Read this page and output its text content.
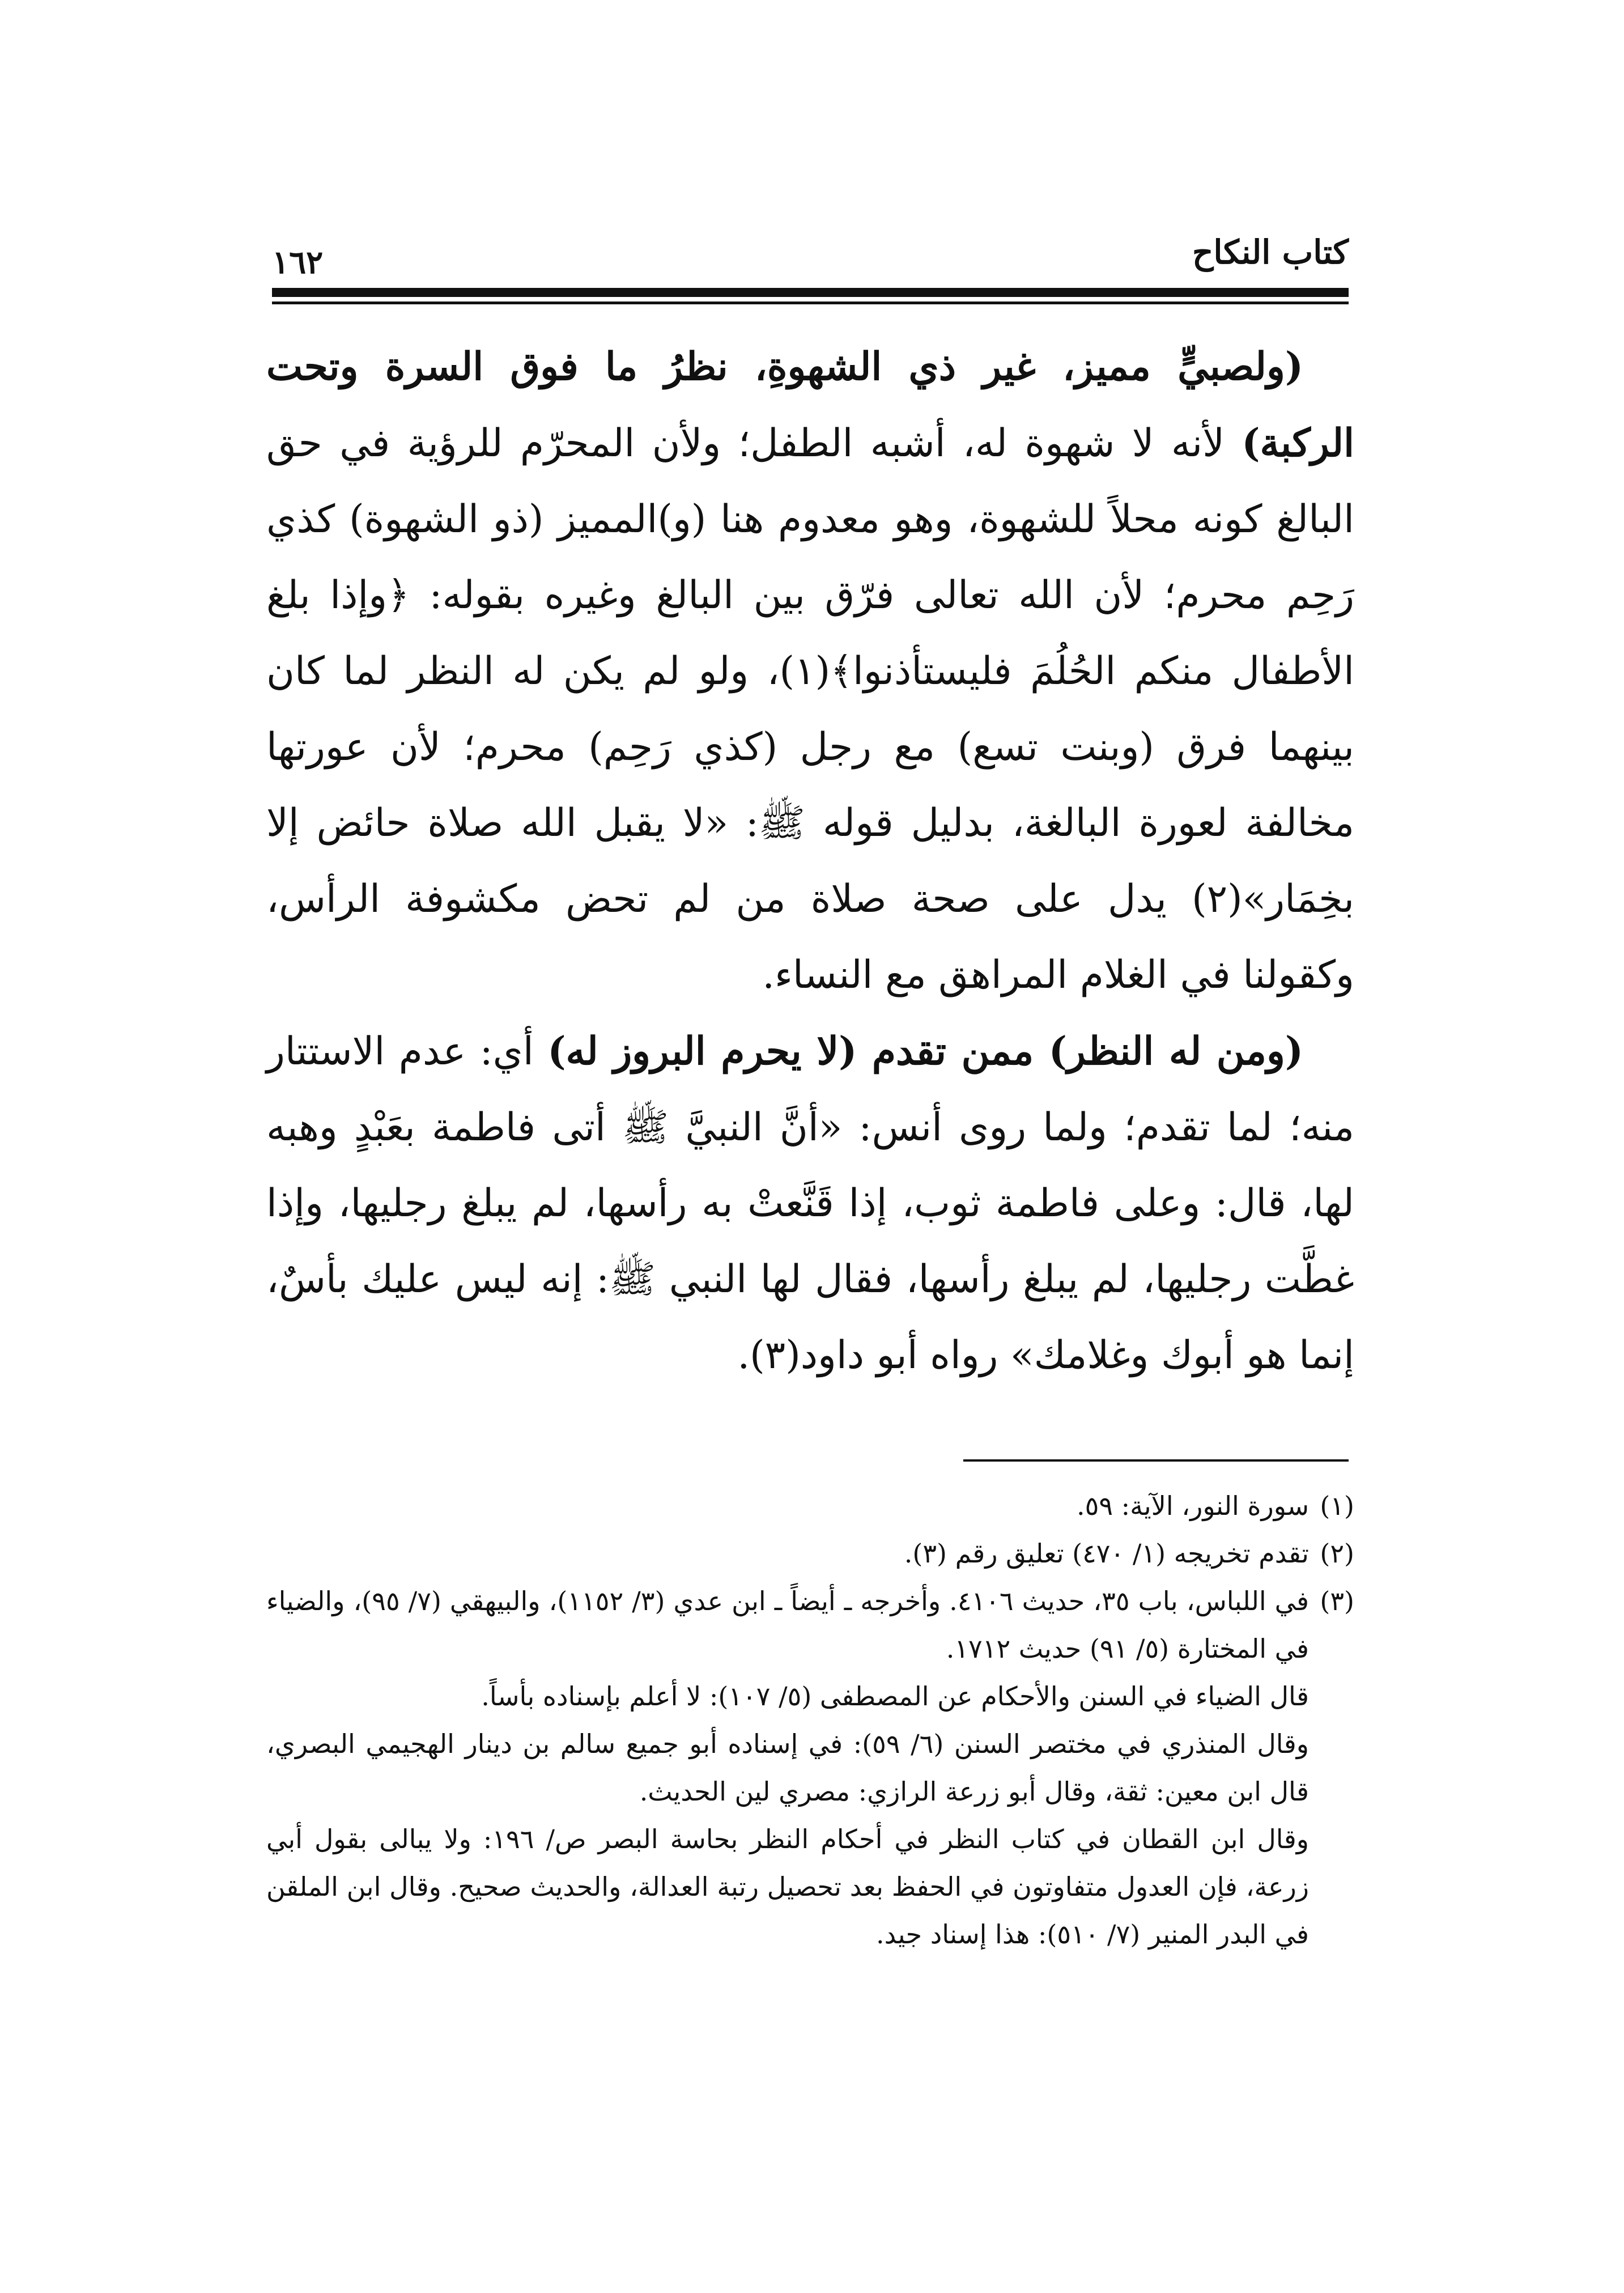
كتاب النكاح
١٦٢

(ولصبيٍّ مميز، غير ذي الشهوةِ، نظرُ ما فوق السرة وتحت الركبة) لأنه لا شهوة له، أشبه الطفل؛ ولأن المحرّم للرؤية في حق البالغ كونه محلاً للشهوة، وهو معدوم هنا (و)المميز (ذو الشهوة) كذي رَحِم محرم؛ لأن الله تعالى فرّق بين البالغ وغيره بقوله: ﴿وإذا بلغ الأطفال منكم الحُلُمَ فليستأذنوا﴾(١)، ولو لم يكن له النظر لما كان بينهما فرق (وبنت تسع) مع رجل (كذي رَحِم) محرم؛ لأن عورتها مخالفة لعورة البالغة، بدليل قوله ﷺ: «لا يقبل الله صلاة حائض إلا بخِمَار»(٢) يدل على صحة صلاة من لم تحض مكشوفة الرأس، وكقولنا في الغلام المراهق مع النساء.

(ومن له النظر) ممن تقدم (لا يحرم البروز له) أي: عدم الاستتار منه؛ لما تقدم؛ ولما روى أنس: «أنَّ النبيَّ ﷺ أتى فاطمة بعَبْدٍ وهبه لها، قال: وعلى فاطمة ثوب، إذا قَنَّعتْ به رأسها، لم يبلغ رجليها، وإذا غطَّت رجليها، لم يبلغ رأسها، فقال لها النبي ﷺ: إنه ليس عليك بأسٌ، إنما هو أبوك وغلامك» رواه أبو داود(٣).

(١)
سورة النور، الآية: ٥٩.

(٢)
تقدم تخريجه (١/ ٤٧٠) تعليق رقم (٣).

(٣)
في اللباس، باب ٣٥، حديث ٤١٠٦. وأخرجه ـ أيضاً ـ ابن عدي (٣/ ١١٥٢)، والبيهقي (٧/ ٩٥)، والضياء في المختارة (٥/ ٩١) حديث ١٧١٢.

قال الضياء في السنن والأحكام عن المصطفى (٥/ ١٠٧): لا أعلم بإسناده بأساً.

وقال المنذري في مختصر السنن (٦/ ٥٩): في إسناده أبو جميع سالم بن دينار الهجيمي البصري، قال ابن معين: ثقة، وقال أبو زرعة الرازي: مصري لين الحديث.

وقال ابن القطان في كتاب النظر في أحكام النظر بحاسة البصر ص/ ١٩٦: ولا يبالى بقول أبي زرعة، فإن العدول متفاوتون في الحفظ بعد تحصيل رتبة العدالة، والحديث صحيح. وقال ابن الملقن في البدر المنير (٧/ ٥١٠): هذا إسناد جيد.
